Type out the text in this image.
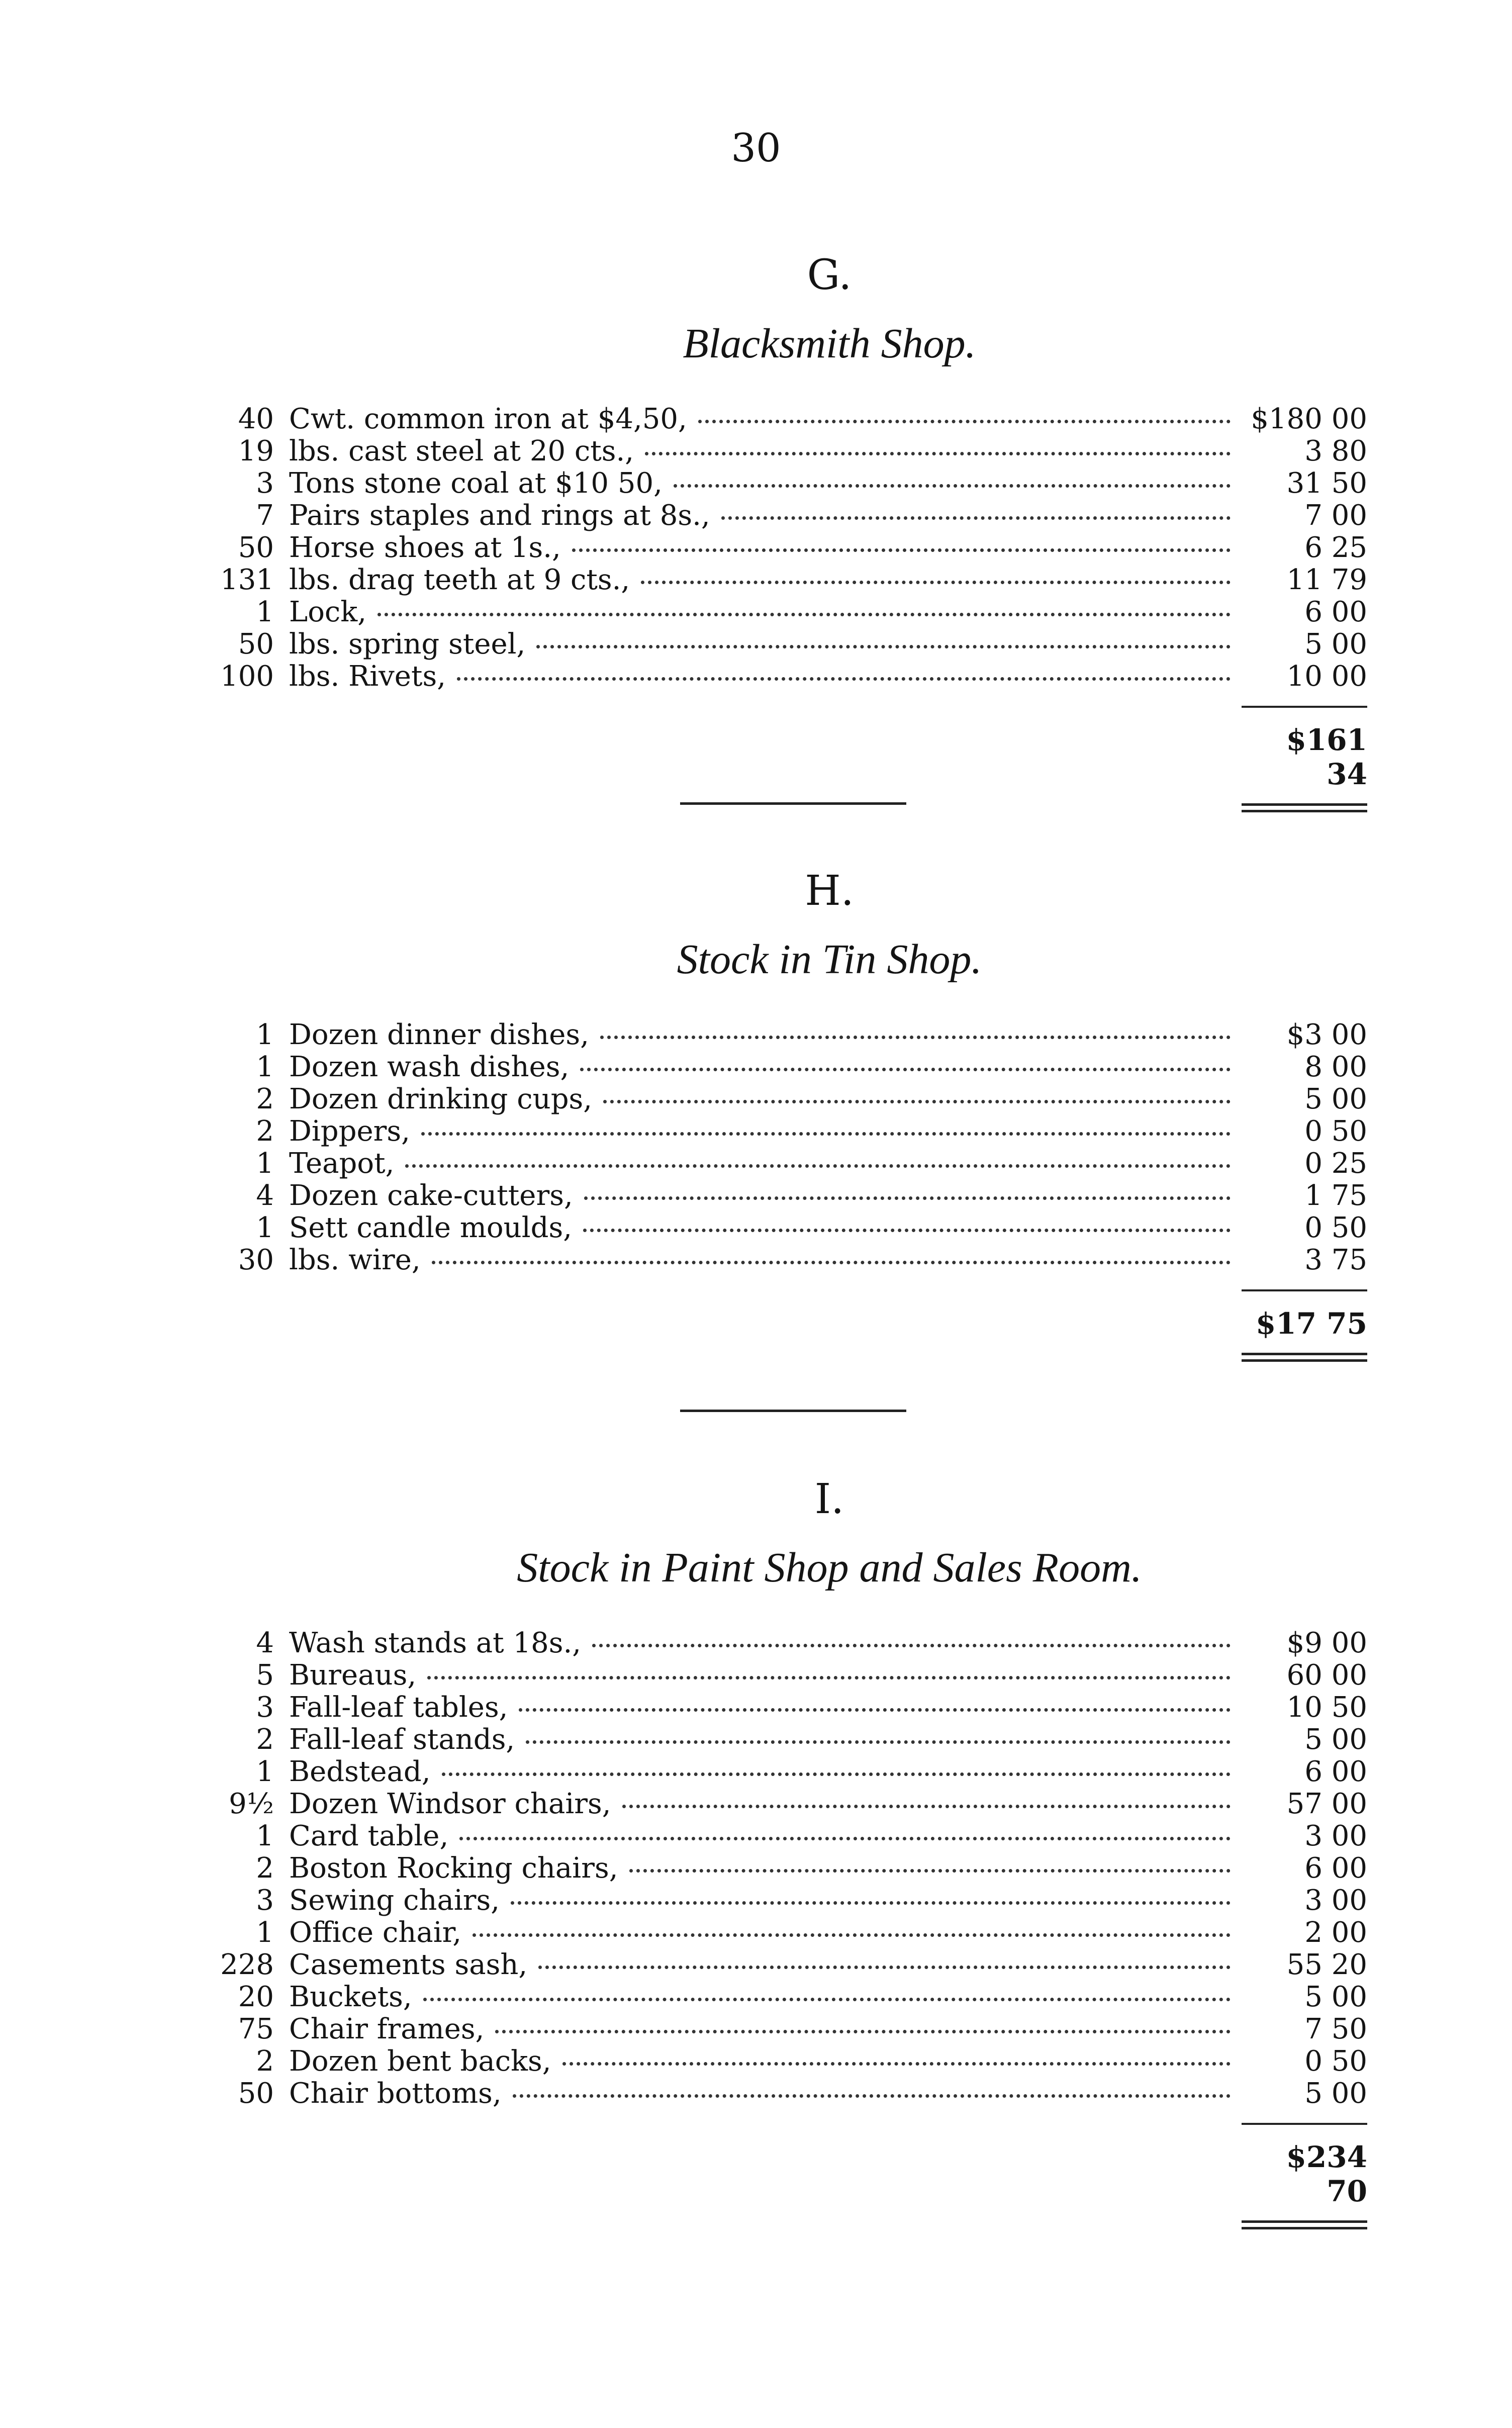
30
G.
Blacksmith Shop.
40 Cwt. common iron at $4,50,	$180 00
19 lbs. cast steel at 20 cts.,	3 80
3 Tons stone coal at $10 50,	31 50
7 Pairs staples and rings at 8s.,	7 00
50 Horse shoes at 1s.,	6 25
131 lbs. drag teeth at 9 cts.,	11 79
1 Lock,	6 00
50 lbs. spring steel,	5 00
100 lbs. Rivets,	10 00
$161 34
H.
Stock in Tin Shop.
1 Dozen dinner dishes,	$3 00
1 Dozen wash dishes,	8 00
2 Dozen drinking cups,	5 00
2 Dippers,	0 50
1 Teapot,	0 25
4 Dozen cake-cutters,	1 75
1 Sett candle moulds,	0 50
30 lbs. wire,	3 75
$17 75
I.
Stock in Paint Shop and Sales Room.
4 Wash stands at 18s.,	$9 00
5 Bureaus,	60 00
3 Fall-leaf tables,	10 50
2 Fall-leaf stands,	5 00
1 Bedstead,	6 00
9½ Dozen Windsor chairs,	57 00
1 Card table,	3 00
2 Boston Rocking chairs,	6 00
3 Sewing chairs,	3 00
1 Office chair,	2 00
228 Casements sash,	55 20
20 Buckets,	5 00
75 Chair frames,	7 50
2 Dozen bent backs,	0 50
50 Chair bottoms,	5 00
$234 70
